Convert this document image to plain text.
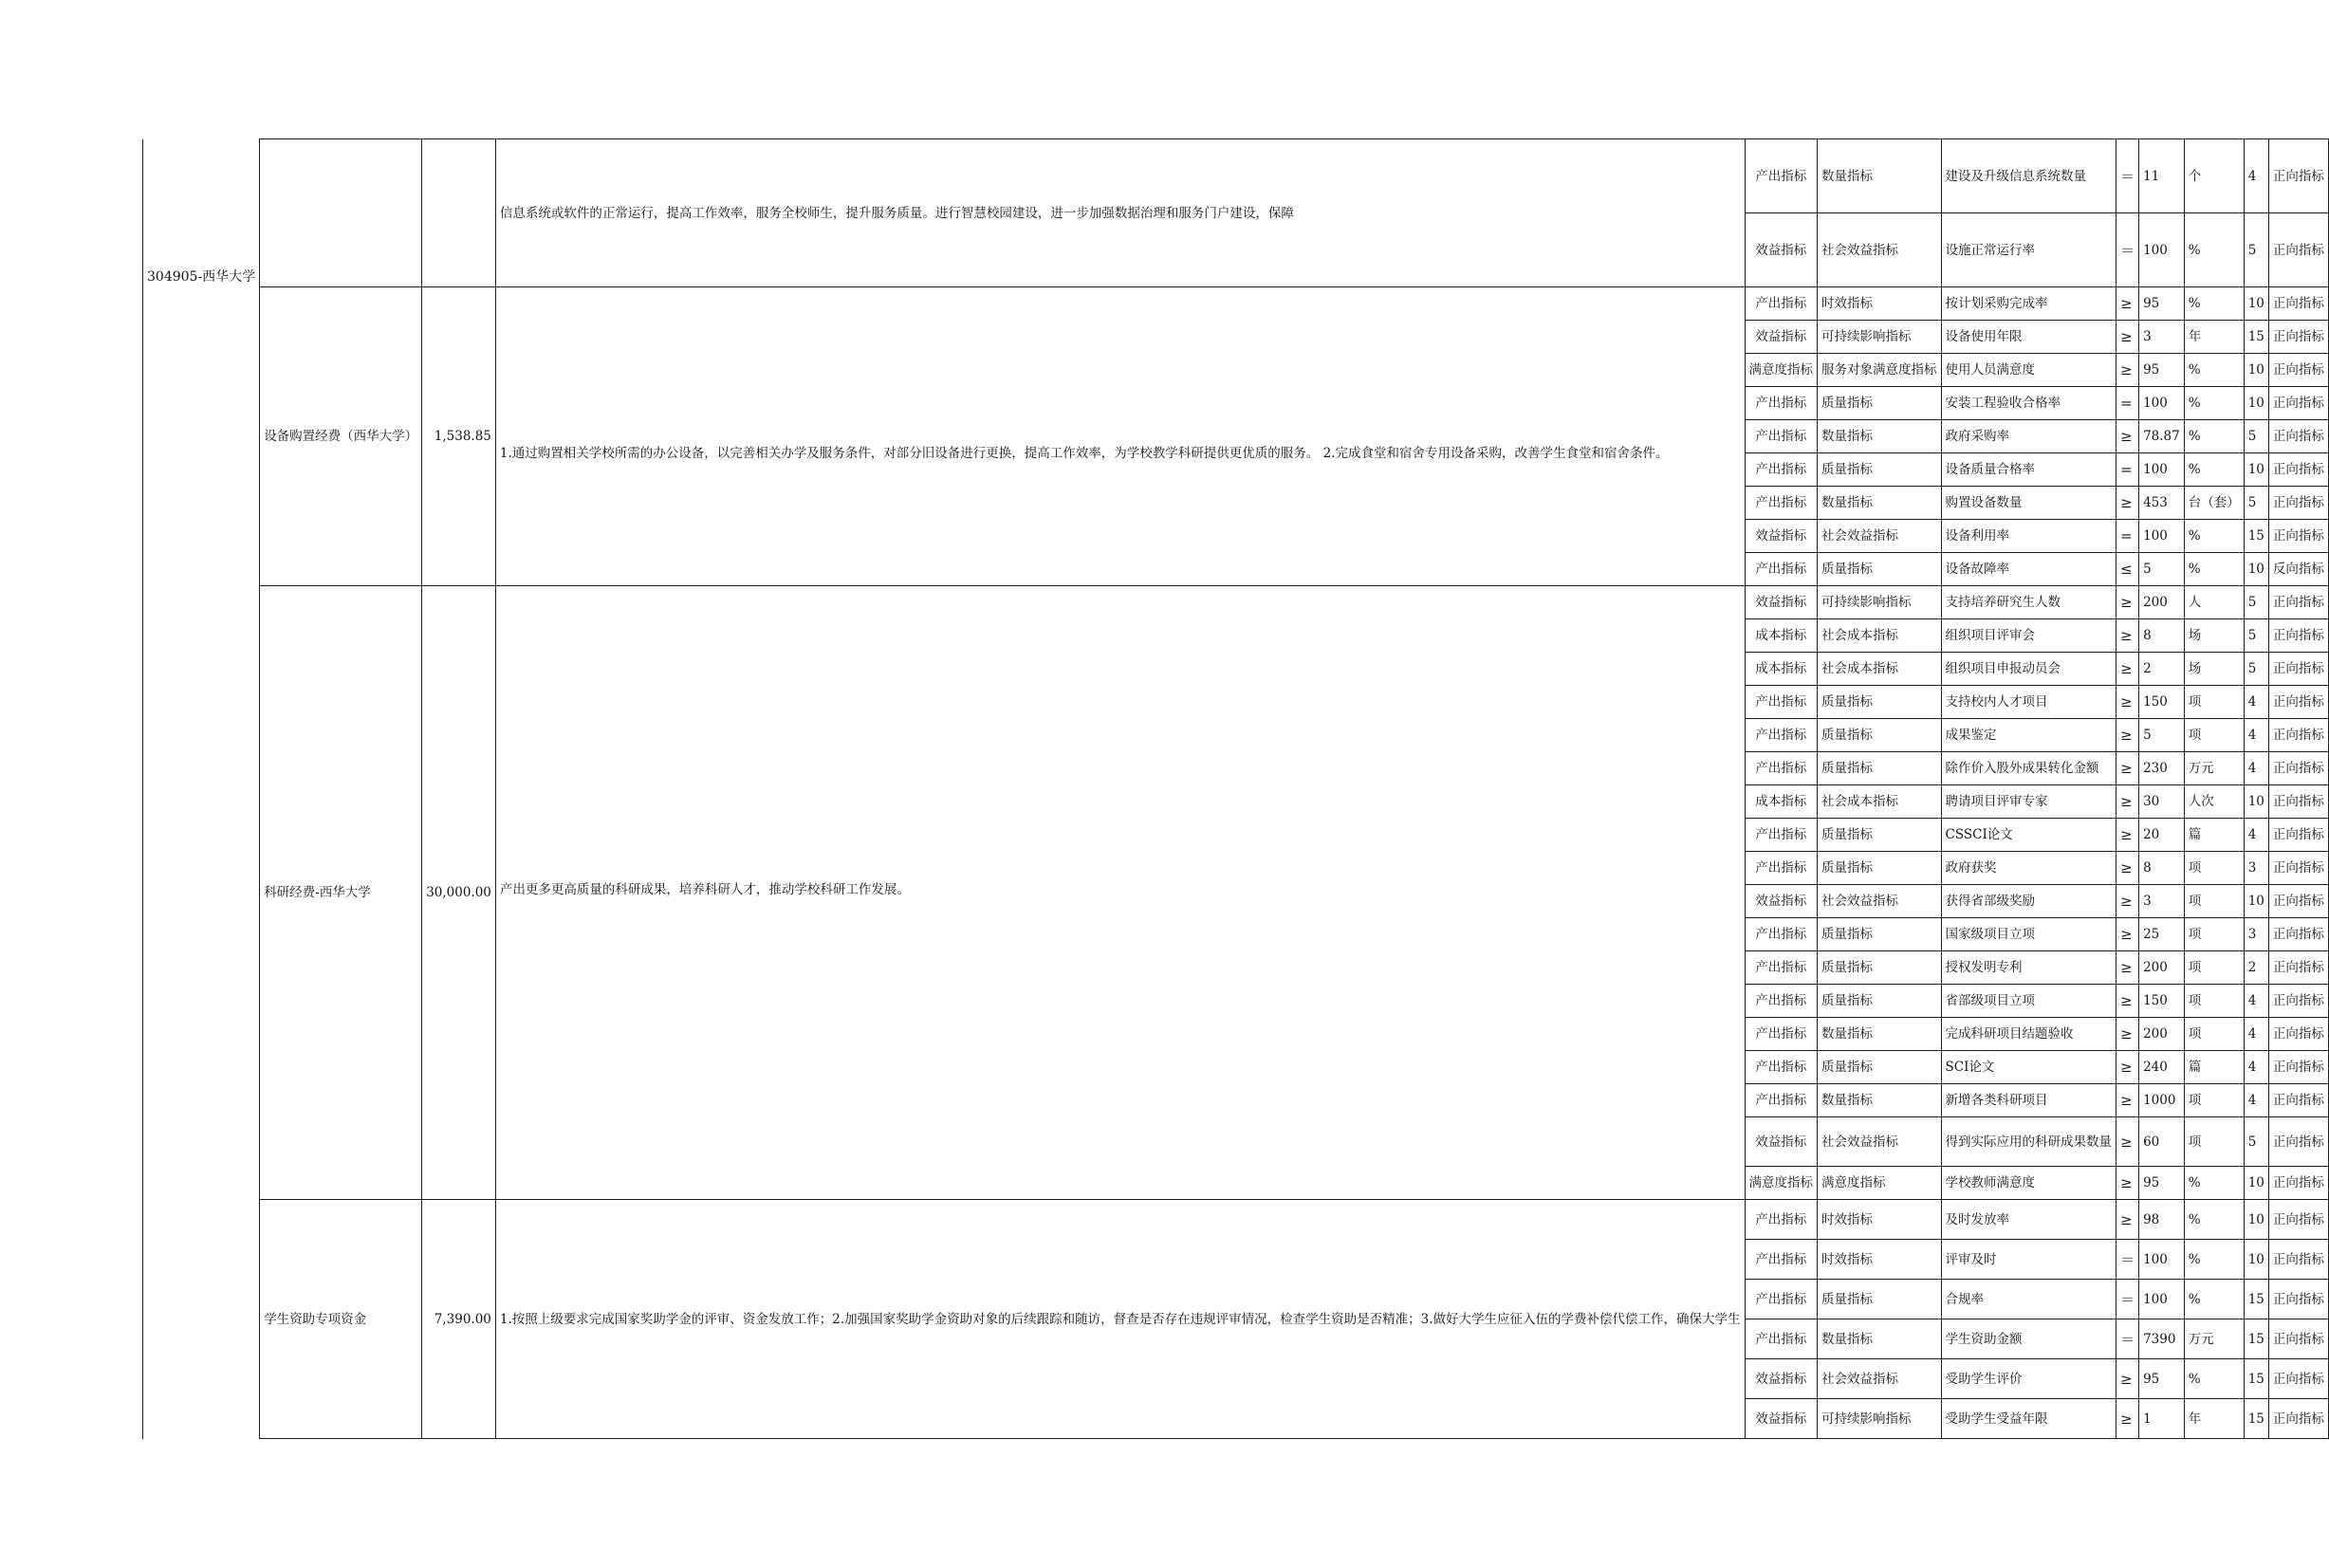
304905-西华大学			信息系统或软件的正常运行，提高工作效率，服务全校师生，提升服务质量。进行智慧校园建设，进一步加强数据治理和服务门户建设，保障	产出指标	数量指标	建设及升级信息系统数量	＝	11	个	4	正向指标
				效益指标	社会效益指标	设施正常运行率	＝	100	%	5	正向指标
	设备购置经费（西华大学）	1,538.85	1.通过购置相关学校所需的办公设备，以完善相关办学及服务条件，对部分旧设备进行更换，提高工作效率，为学校教学科研提供更优质的服务。 2.完成食堂和宿舍专用设备采购，改善学生食堂和宿舍条件。	产出指标	时效指标	按计划采购完成率	≥	95	%	10	正向指标
				效益指标	可持续影响指标	设备使用年限	≥	3	年	15	正向指标
				满意度指标	服务对象满意度指标	使用人员满意度	≥	95	%	10	正向指标
				产出指标	质量指标	安装工程验收合格率	=	100	%	10	正向指标
				产出指标	数量指标	政府采购率	≥	78.87	%	5	正向指标
				产出指标	质量指标	设备质量合格率	=	100	%	10	正向指标
				产出指标	数量指标	购置设备数量	≥	453	台（套）	5	正向指标
				效益指标	社会效益指标	设备利用率	=	100	%	15	正向指标
				产出指标	质量指标	设备故障率	≤	5	%	10	反向指标
	科研经费-西华大学	30,000.00	产出更多更高质量的科研成果，培养科研人才，推动学校科研工作发展。	效益指标	可持续影响指标	支持培养研究生人数	≥	200	人	5	正向指标
				成本指标	社会成本指标	组织项目评审会	≥	8	场	5	正向指标
				成本指标	社会成本指标	组织项目申报动员会	≥	2	场	5	正向指标
				产出指标	质量指标	支持校内人才项目	≥	150	项	4	正向指标
				产出指标	质量指标	成果鉴定	≥	5	项	4	正向指标
				产出指标	质量指标	除作价入股外成果转化金额	≥	230	万元	4	正向指标
				成本指标	社会成本指标	聘请项目评审专家	≥	30	人次	10	正向指标
				产出指标	质量指标	CSSCI论文	≥	20	篇	4	正向指标
				产出指标	质量指标	政府获奖	≥	8	项	3	正向指标
				效益指标	社会效益指标	获得省部级奖励	≥	3	项	10	正向指标
				产出指标	质量指标	国家级项目立项	≥	25	项	3	正向指标
				产出指标	质量指标	授权发明专利	≥	200	项	2	正向指标
				产出指标	质量指标	省部级项目立项	≥	150	项	4	正向指标
				产出指标	数量指标	完成科研项目结题验收	≥	200	项	4	正向指标
				产出指标	质量指标	SCI论文	≥	240	篇	4	正向指标
				产出指标	数量指标	新增各类科研项目	≥	1000	项	4	正向指标
				效益指标	社会效益指标	得到实际应用的科研成果数量	≥	60	项	5	正向指标
				满意度指标	满意度指标	学校教师满意度	≥	95	%	10	正向指标
	学生资助专项资金	7,390.00	1.按照上级要求完成国家奖助学金的评审、资金发放工作；2.加强国家奖助学金资助对象的后续跟踪和随访，督查是否存在违规评审情况，检查学生资助是否精准；3.做好大学生应征入伍的学费补偿代偿工作，确保大学生	产出指标	时效指标	及时发放率	≥	98	%	10	正向指标
				产出指标	时效指标	评审及时	＝	100	%	10	正向指标
				产出指标	质量指标	合规率	＝	100	%	15	正向指标
				产出指标	数量指标	学生资助金额	＝	7390	万元	15	正向指标
				效益指标	社会效益指标	受助学生评价	≥	95	%	15	正向指标
				效益指标	可持续影响指标	受助学生受益年限	≥	1	年	15	正向指标
